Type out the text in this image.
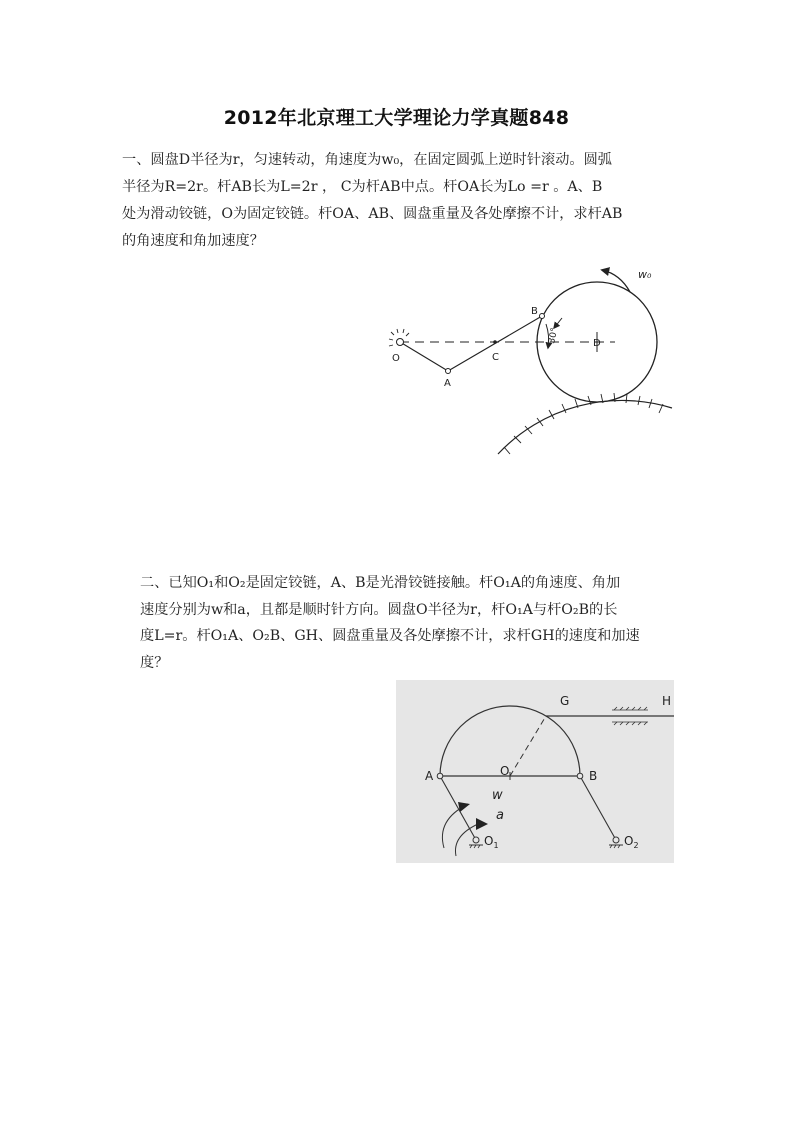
2012年北京理工大学理论力学真题848
一、圆盘D半径为r，匀速转动，角速度为w₀，在固定圆弧上逆时针滚动。圆弧
半径为R=2r。杆AB长为L=2r ， C为杆AB中点。杆OA长为Lo =r 。A、B
处为滑动铰链，O为固定铰链。杆OA、AB、圆盘重量及各处摩擦不计，求杆AB
的角速度和角加速度？
w₀
30°
O
A
B
C
D
二、已知O₁和O₂是固定铰链，A、B是光滑铰链接触。杆O₁A的角速度、角加
速度分别为w和a，且都是顺时针方向。圆盘O半径为r，杆O₁A与杆O₂B的长
度L=r。杆O₁A、O₂B、GH、圆盘重量及各处摩擦不计，求杆GH的速度和加速
度？
w
a
A	B
O
G	H
$O_1$	$O_2$
